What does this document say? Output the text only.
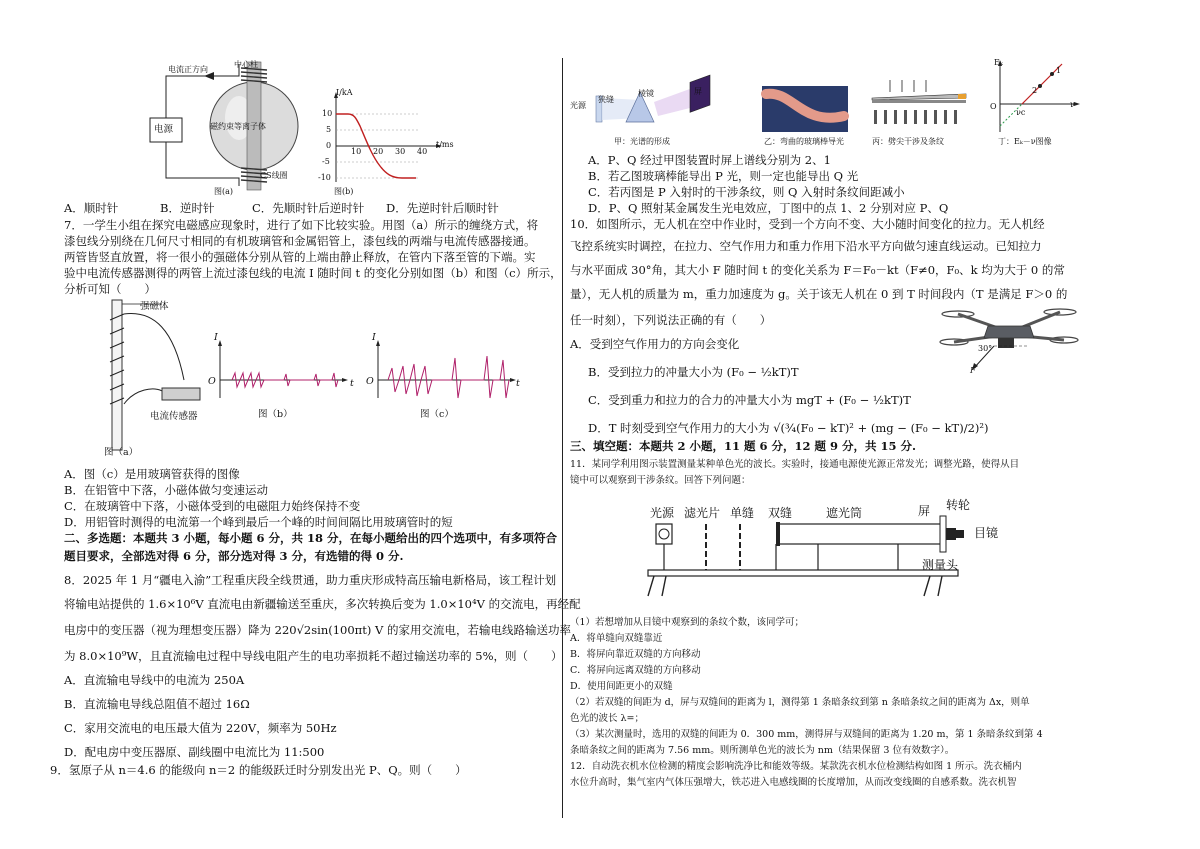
电流正方向
中心柱
电源	磁约束等离子体
CS线圈
图(a)
I/kA
t/ms
10
5
0
-5
-10
10 20 30 40
图(b)
A．顺时针	B．逆时针	C．先顺时针后逆时针 D．先逆时针后顺时针
7．一学生小组在探究电磁感应现象时，进行了如下比较实验。用图（a）所示的缠绕方式，将
漆包线分别绕在几何尺寸相同的有机玻璃管和金属铝管上，漆包线的两端与电流传感器接通。
两管皆竖直放置，将一很小的强磁体分别从管的上端由静止释放，在管内下落至管的下端。实
验中电流传感器测得的两管上流过漆包线的电流 I 随时间 t 的变化分别如图（b）和图（c）所示，
分析可知（　　）
强磁体
电流传感器
图（a）
I
O	t
图（b）
I
O	t
图（c）
A．图（c）是用玻璃管获得的图像
B．在铝管中下落，小磁体做匀变速运动
C．在玻璃管中下落，小磁体受到的电磁阻力始终保持不变
D．用铝管时测得的电流第一个峰到最后一个峰的时间间隔比用玻璃管时的短
二、多选题：本题共 3 小题，每小题 6 分，共 18 分，在每小题给出的四个选项中，有多项符合
题目要求，全部选对得 6 分，部分选对得 3 分，有选错的得 0 分.
8．2025 年 1 月“疆电入渝”工程重庆段全线贯通，助力重庆形成特高压输电新格局，该工程计划
将输电站提供的 1.6×10⁶V 直流电由新疆输送至重庆，多次转换后变为 1.0×10⁴V 的交流电，再经配
电房中的变压器（视为理想变压器）降为 220√2sin(100πt) V 的家用交流电，若输电线路输送功率
为 8.0×10⁹W，且直流输电过程中导线电阻产生的电功率损耗不超过输送功率的 5%，则（　　）
A．直流输电导线中的电流为 250A
B．直流输电导线总阻值不超过 16Ω
C．家用交流电的电压最大值为 220V，频率为 50Hz
D．配电房中变压器原、副线圈中电流比为 11:500
9．氢原子从 n＝4.6 的能级向 n＝2 的能级跃迁时分别发出光 P、Q。则（　　）
光源
狭缝
棱镜	屏
甲：光谱的形成	乙：弯曲的玻璃棒导光	丙：劈尖干涉及条纹
Eₖ
ν
O
νc
1
2
丁：Eₖ－ν图像
A．P、Q 经过甲图装置时屏上谱线分别为 2、1
B．若乙图玻璃棒能导出 P 光，则一定也能导出 Q 光
C．若丙图是 P 入射时的干涉条纹，则 Q 入射时条纹间距减小
D．P、Q 照射某金属发生光电效应，丁图中的点 1、2 分别对应 P、Q
10．如图所示，无人机在空中作业时，受到一个方向不变、大小随时间变化的拉力。无人机经
飞控系统实时调控，在拉力、空气作用力和重力作用下沿水平方向做匀速直线运动。已知拉力
与水平面成 30°角，其大小 F 随时间 t 的变化关系为 F＝F₀－kt（F≠0，F₀、k 均为大于 0 的常
量），无人机的质量为 m，重力加速度为 g。关于该无人机在 0 到 T 时间段内（T 是满足 F＞0 的
任一时刻），下列说法正确的有（　　）
30°
F
A．受到空气作用力的方向会变化
B．受到拉力的冲量大小为 (F₀ − ½kT)T
C．受到重力和拉力的合力的冲量大小为 mgT + (F₀ − ½kT)T
D．T 时刻受到空气作用力的大小为 √(¾(F₀ − kT)² + (mg − (F₀ − kT)/2)²)
三、填空题：本题共 2 小题，11 题 6 分，12 题 9 分，共 15 分.
11．某同学利用图示装置测量某种单色光的波长。实验时，接通电源使光源正常发光；调整光路，使得从目
镜中可以观察到干涉条纹。回答下列问题：
光源 滤光片 单缝 双缝	遮光筒	屏 转轮
目镜
测量头
（1）若想增加从目镜中观察到的条纹个数，该同学可；
A．将单缝向双缝靠近
B．将屏向靠近双缝的方向移动
C．将屏向远离双缝的方向移动
D．使用间距更小的双缝
（2）若双缝的间距为 d，屏与双缝间的距离为 l，测得第 1 条暗条纹到第 n 条暗条纹之间的距离为 Δx，则单
色光的波长 λ=；
（3）某次测量时，选用的双缝的间距为 0．300 mm，测得屏与双缝间的距离为 1.20 m，第 1 条暗条纹到第 4
条暗条纹之间的距离为 7.56 mm。则所测单色光的波长为 nm（结果保留 3 位有效数字）。
12．自动洗衣机水位检测的精度会影响洗净比和能效等级。某款洗衣机水位检测结构如图 1 所示。洗衣桶内
水位升高时，集气室内气体压强增大，铁芯进入电感线圈的长度增加，从而改变线圈的自感系数。洗衣机智
